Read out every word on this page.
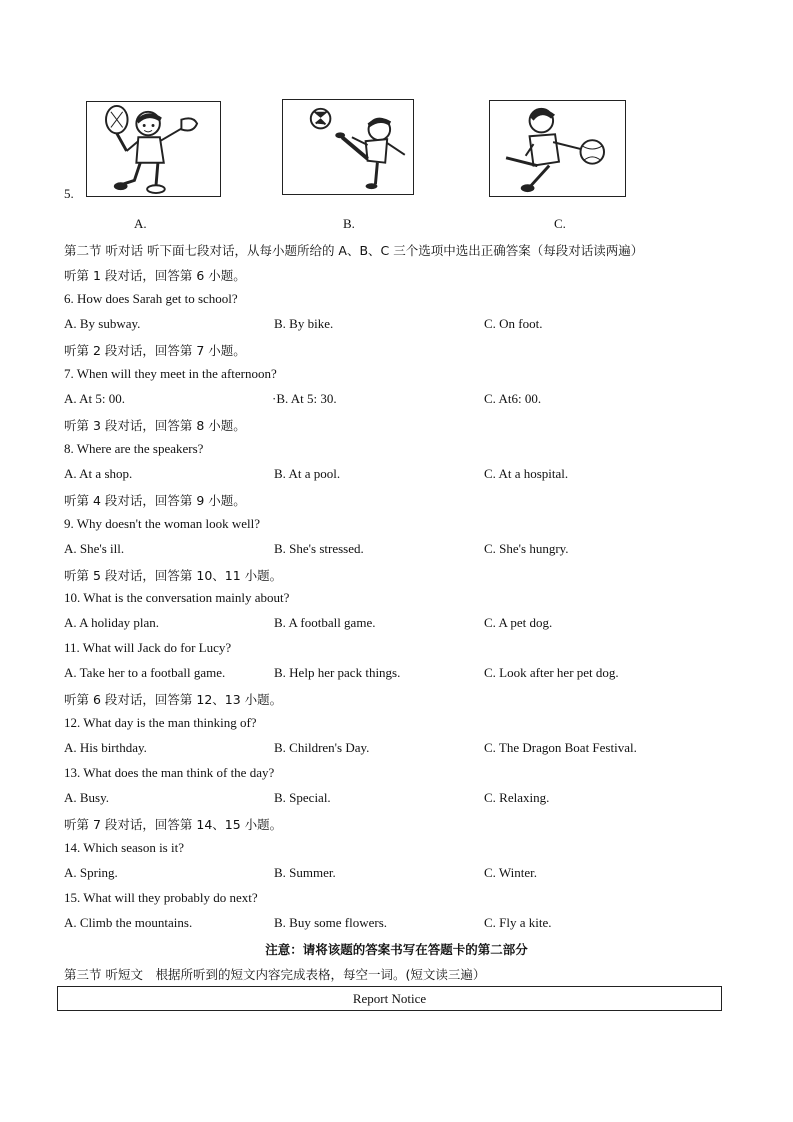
5.
A.	B.	C.
第二节 听对话 听下面七段对话，从每小题所给的 A、B、C 三个选项中选出正确答案（每段对话读两遍）
听第 1 段对话，回答第 6 小题。
6. How does Sarah get to school?
A. By subway.	B. By bike.	C. On foot.
听第 2 段对话，回答第 7 小题。
7. When will they meet in the afternoon?
A. At 5: 00.	·B. At 5: 30.	C. At6: 00.
听第 3 段对话，回答第 8 小题。
8. Where are the speakers?
A. At a shop.	B. At a pool.	C. At a hospital.
听第 4 段对话，回答第 9 小题。
9. Why doesn't the woman look well?
A. She's ill.	B. She's stressed.	C. She's hungry.
听第 5 段对话，回答第 10、11 小题。
10. What is the conversation mainly about?
A. A holiday plan.	B. A football game.	C. A pet dog.
11. What will Jack do for Lucy?
A. Take her to a football game.	B. Help her pack things.	C. Look after her pet dog.
听第 6 段对话，回答第 12、13 小题。
12. What day is the man thinking of?
A. His birthday.	B. Children's Day.	C. The Dragon Boat Festival.
13. What does the man think of the day?
A. Busy.	B. Special.	C. Relaxing.
听第 7 段对话，回答第 14、15 小题。
14. Which season is it?
A. Spring.	B. Summer.	C. Winter.
15. What will they probably do next?
A. Climb the mountains.	B. Buy some flowers.	C. Fly a kite.
注意：请将该题的答案书写在答题卡的第二部分
第三节 听短文　根据所听到的短文内容完成表格，每空一词。(短文读三遍）
Report Notice
